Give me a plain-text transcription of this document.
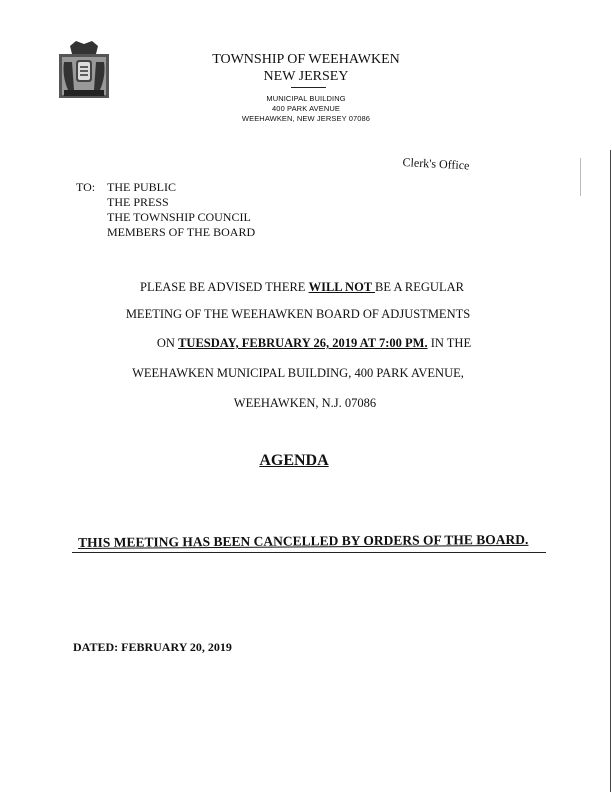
TOWNSHIP OF WEEHAWKEN
NEW JERSEY
MUNICIPAL BUILDING
400 PARK AVENUE
WEEHAWKEN, NEW JERSEY 07086
Clerk's Office
TO: THE PUBLIC
THE PRESS
THE TOWNSHIP COUNCIL
MEMBERS OF THE BOARD
PLEASE BE ADVISED THERE WILL NOT BE A REGULAR
MEETING OF THE WEEHAWKEN BOARD OF ADJUSTMENTS
ON TUESDAY, FEBRUARY 26, 2019 AT 7:00 PM. IN THE
WEEHAWKEN MUNICIPAL BUILDING, 400 PARK AVENUE,
WEEHAWKEN, N.J. 07086
AGENDA
THIS MEETING HAS BEEN CANCELLED BY ORDERS OF THE BOARD.
DATED: FEBRUARY 20, 2019
